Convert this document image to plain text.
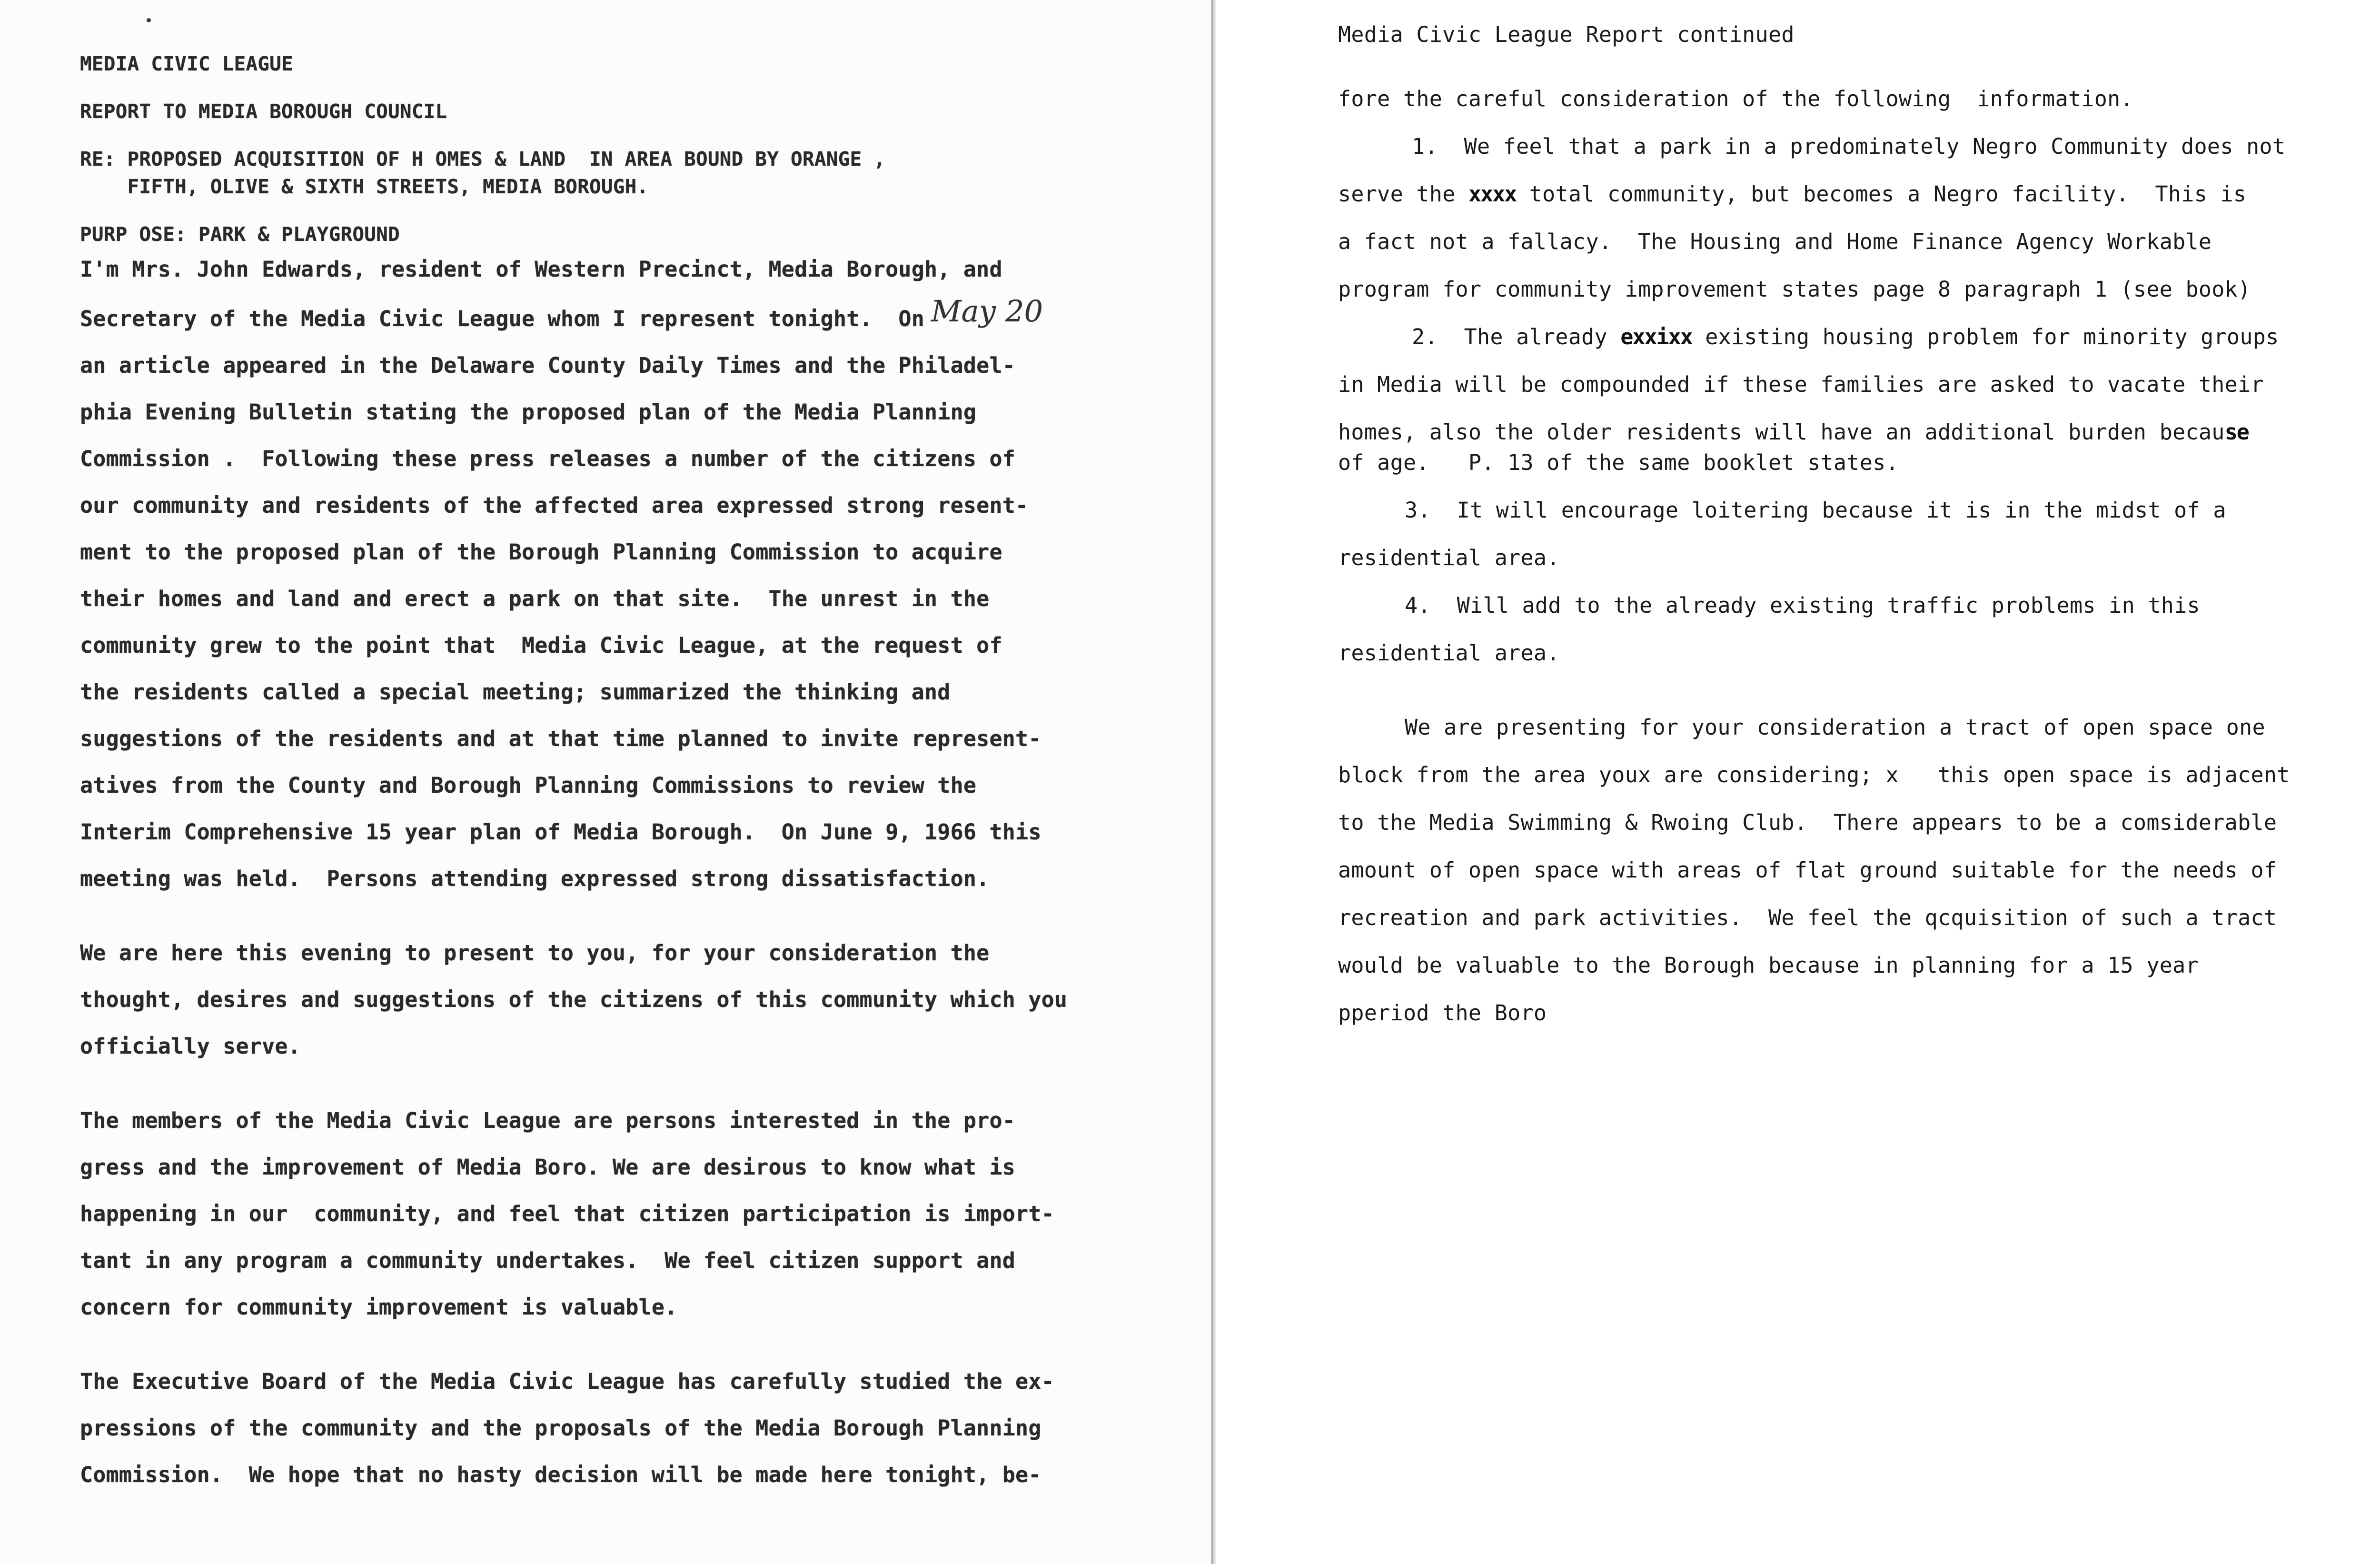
MEDIA CIVIC LEAGUE

REPORT TO MEDIA BOROUGH COUNCIL

RE: PROPOSED ACQUISITION OF H OMES & LAND  IN AREA BOUND BY ORANGE ,

FIFTH, OLIVE & SIXTH STREETS, MEDIA BOROUGH.

PURP OSE: PARK & PLAYGROUND

I'm Mrs. John Edwards, resident of Western Precinct, Media Borough, and

Secretary of the Media Civic League whom I represent tonight.  On May 20

an article appeared in the Delaware County Daily Times and the Philadel-

phia Evening Bulletin stating the proposed plan of the Media Planning

Commission .  Following these press releases a number of the citizens of

our community and residents of the affected area expressed strong resent-

ment to the proposed plan of the Borough Planning Commission to acquire

their homes and land and erect a park on that site.  The unrest in the

community grew to the point that  Media Civic League, at the request of

the residents called a special meeting; summarized the thinking and

suggestions of the residents and at that time planned to invite represent-

atives from the County and Borough Planning Commissions to review the

Interim Comprehensive 15 year plan of Media Borough.  On June 9, 1966 this

meeting was held.  Persons attending expressed strong dissatisfaction.

We are here this evening to present to you, for your consideration the

thought, desires and suggestions of the citizens of this community which you

officially serve.

The members of the Media Civic League are persons interested in the pro-

gress and the improvement of Media Boro. We are desirous to know what is

happening in our  community, and feel that citizen participation is import-

tant in any program a community undertakes.  We feel citizen support and

concern for community improvement is valuable.

The Executive Board of the Media Civic League has carefully studied the ex-

pressions of the community and the proposals of the Media Borough Planning

Commission.  We hope that no hasty decision will be made here tonight, be-

Media Civic League Report continued

fore the careful consideration of the following  information.

1.  We feel that a park in a predominately Negro Community does not

serve the xxxx total community, but becomes a Negro facility.  This is

a fact not a fallacy.  The Housing and Home Finance Agency Workable

program for community improvement states page 8 paragraph 1 (see book)

2.  The already exxixx existing housing problem for minority groups

in Media will be compounded if these families are asked to vacate their

homes, also the older residents will have an additional burden because

of age.   P. 13 of the same booklet states.

3.  It will encourage loitering because it is in the midst of a

residential area.

4.  Will add to the already existing traffic problems in this

residential area.

We are presenting for your consideration a tract of open space one

block from the area youx are considering; x   this open space is adjacent

to the Media Swimming & Rwoing Club.  There appears to be a comsiderable

amount of open space with areas of flat ground suitable for the needs of

recreation and park activities.  We feel the qcquisition of such a tract

would be valuable to the Borough because in planning for a 15 year

pperiod the Boro
